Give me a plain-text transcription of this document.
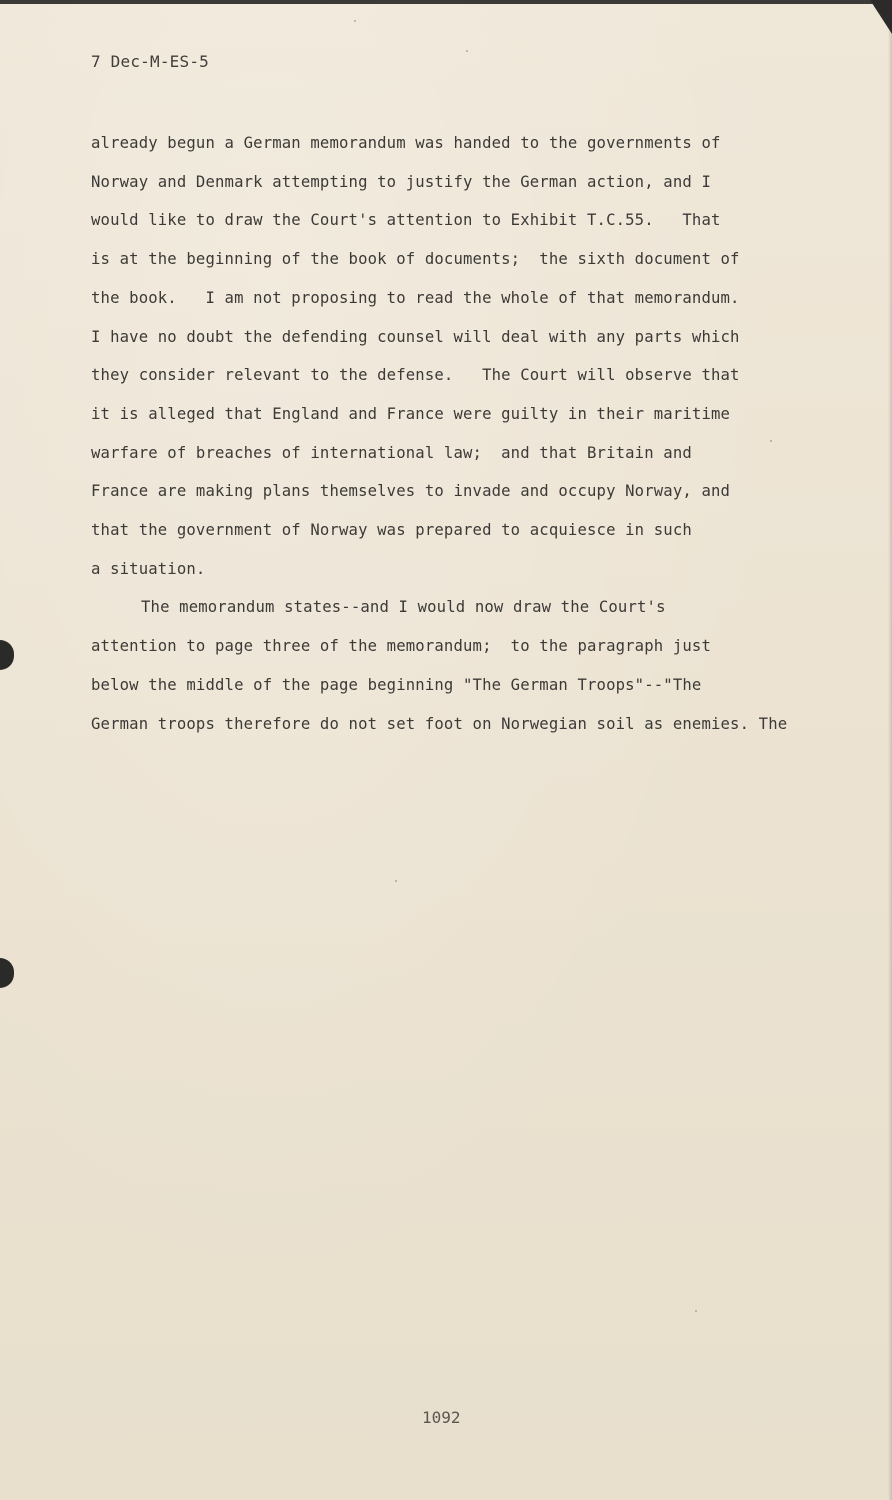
7 Dec-M-ES-5
already begun a German memorandum was handed to the governments of
Norway and Denmark attempting to justify the German action, and I
would like to draw the Court's attention to Exhibit T.C.55.   That
is at the beginning of the book of documents;  the sixth document of
the book.   I am not proposing to read the whole of that memorandum.
I have no doubt the defending counsel will deal with any parts which
they consider relevant to the defense.   The Court will observe that
it is alleged that England and France were guilty in their maritime
warfare of breaches of international law;  and that Britain and
France are making plans themselves to invade and occupy Norway, and
that the government of Norway was prepared to acquiesce in such
a situation.
The memorandum states--and I would now draw the Court's
attention to page three of the memorandum;  to the paragraph just
below the middle of the page beginning "The German Troops"--"The
German troops therefore do not set foot on Norwegian soil as enemies. The
1092
